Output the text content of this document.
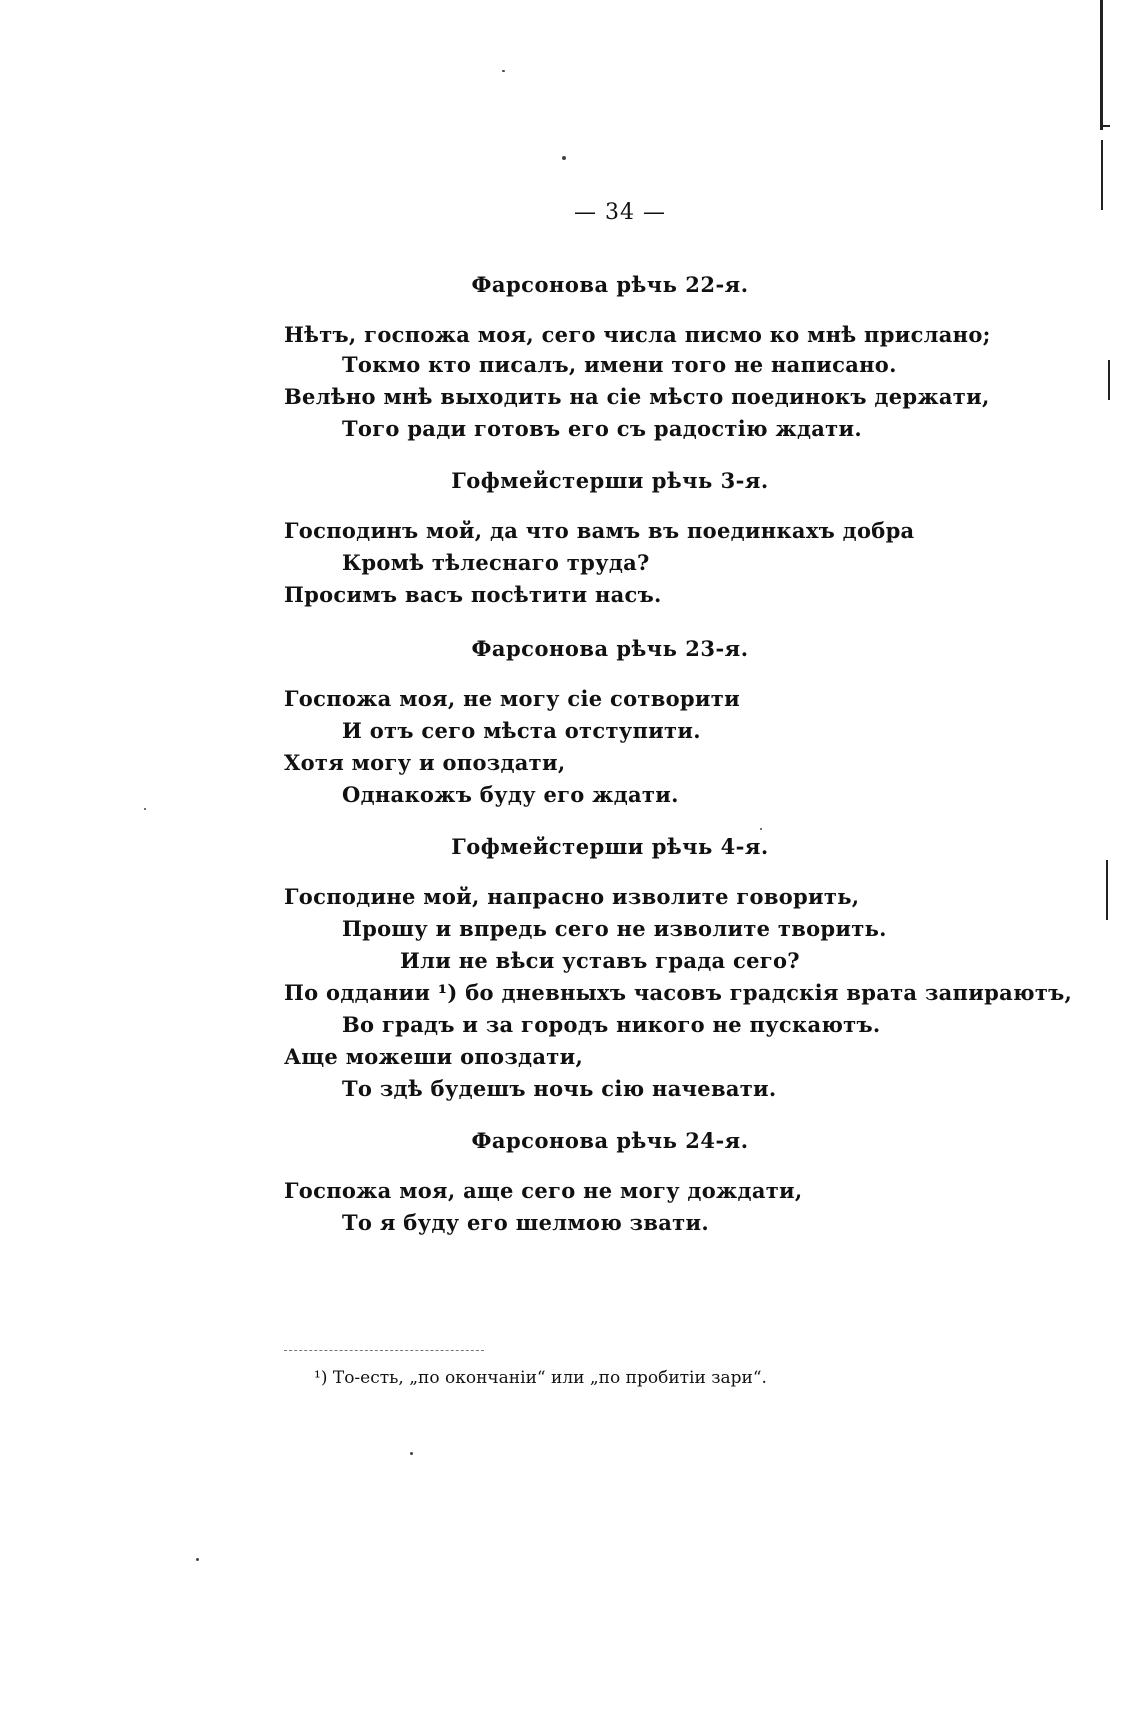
— 34 —
Фарсонова рѣчь 22-я.
Нѣтъ, госпожа моя, сего числа писмо ко мнѣ прислано;
Токмо кто писалъ, имени того не написано.
Велѣно мнѣ выходить на сіе мѣсто поединокъ держати,
Того ради готовъ его съ радостію ждати.
Гофмейстерши рѣчь 3-я.
Господинъ мой, да что вамъ въ поединкахъ добра
Кромѣ тѣлеснаго труда?
Просимъ васъ посѣтити насъ.
Фарсонова рѣчь 23-я.
Госпожа моя, не могу сіе сотворити
И отъ сего мѣста отступити.
Хотя могу и опоздати,
Однакожъ буду его ждати.
Гофмейстерши рѣчь 4-я.
Господине мой, напрасно изволите говорить,
Прошу и впредь сего не изволите творить.
Или не вѣси уставъ града сего?
По оддании ¹) бо дневныхъ часовъ градскія врата запираютъ,
Во градъ и за городъ никого не пускаютъ.
Аще можеши опоздати,
То здѣ будешъ ночь сію начевати.
Фарсонова рѣчь 24-я.
Госпожа моя, аще сего не могу дождати,
То я буду его шелмою звати.
¹) То-есть, „по окончаніи“ или „по пробитіи зари“.
